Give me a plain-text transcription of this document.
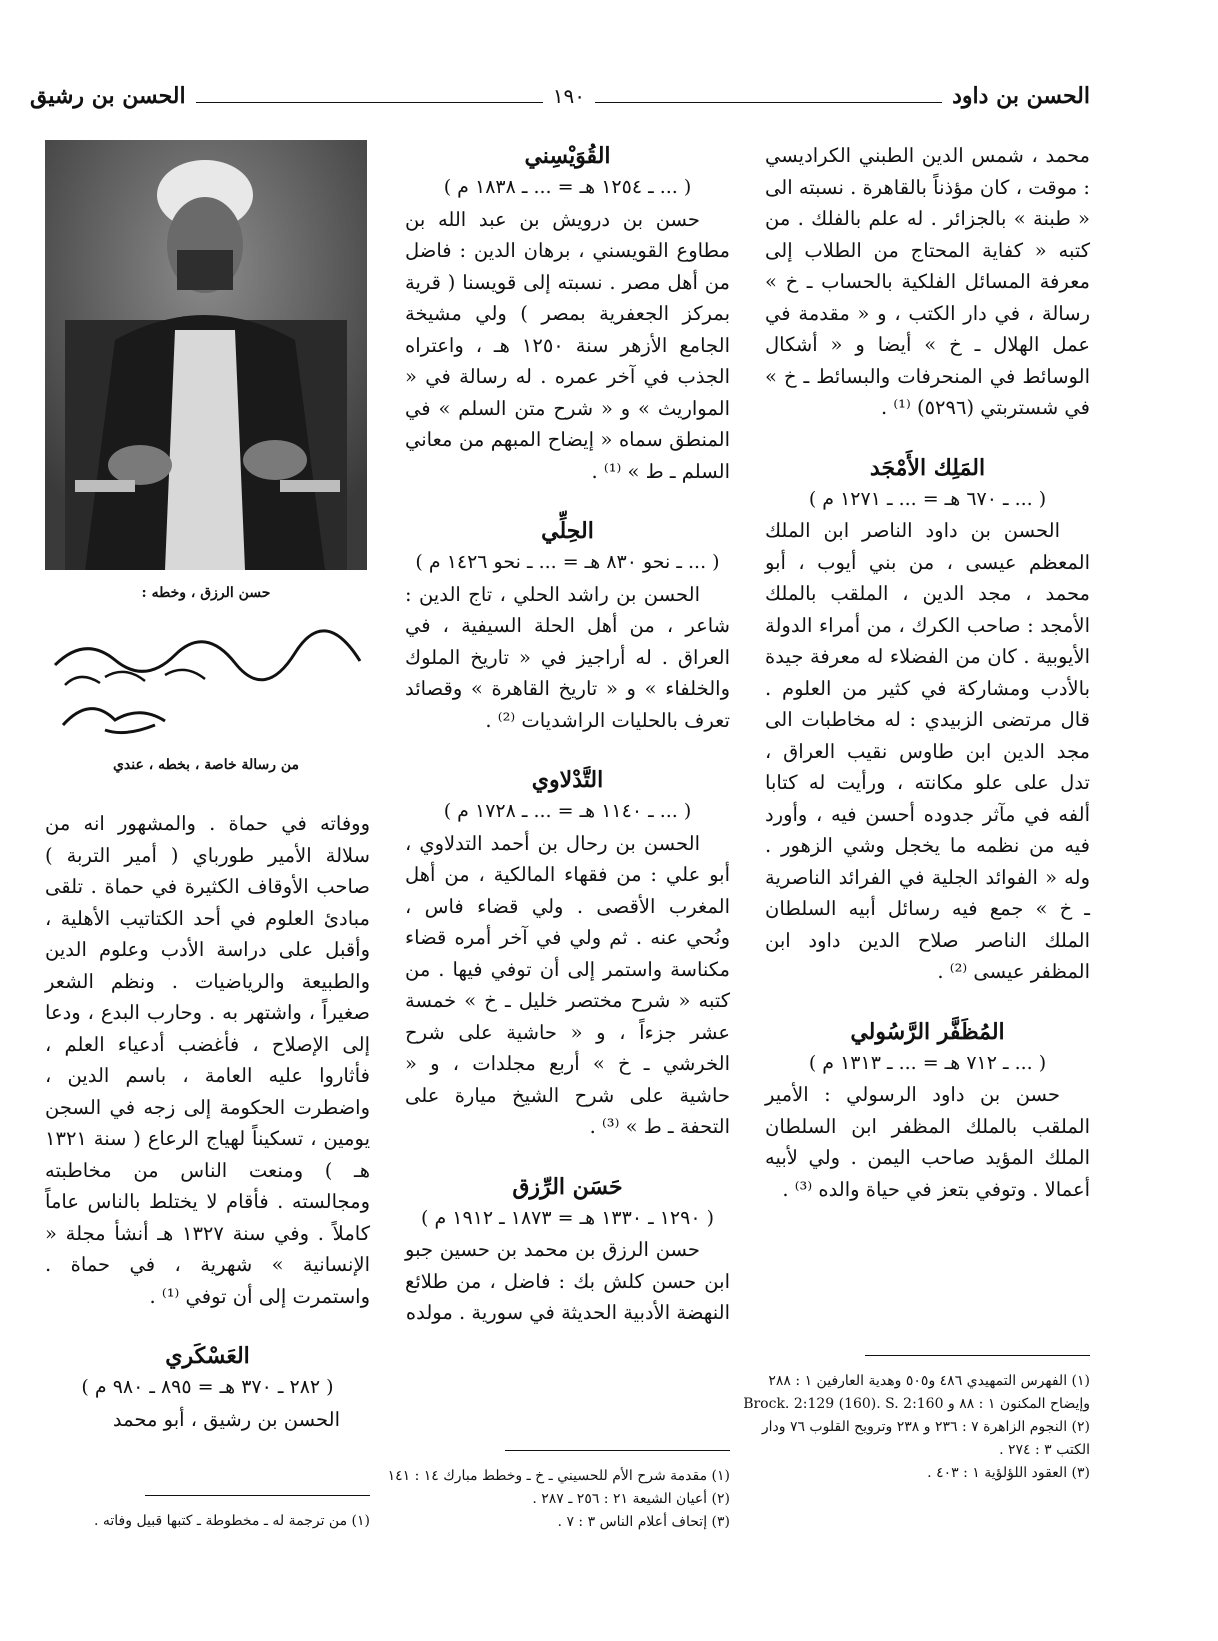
الحسن بن داود
١٩٠
الحسن بن رشيق

محمد ، شمس الدين الطبني الكراديسي : موقت ، كان مؤذناً بالقاهرة . نسبته الى « طبنة » بالجزائر . له علم بالفلك . من كتبه « كفاية المحتاج من الطلاب إلى معرفة المسائل الفلكية بالحساب ـ خ » رسالة ، في دار الكتب ، و « مقدمة في عمل الهلال ـ خ » أيضا و « أشكال الوسائط في المنحرفات والبسائط ـ خ » في شستربتي (٥٢٩٦) ⁽¹⁾ .

المَلِك الأَمْجَد

( ... ـ ٦٧٠ هـ = ... ـ ١٢٧١ م )

الحسن بن داود الناصر ابن الملك المعظم عيسى ، من بني أيوب ، أبو محمد ، مجد الدين ، الملقب بالملك الأمجد : صاحب الكرك ، من أمراء الدولة الأيوبية . كان من الفضلاء له معرفة جيدة بالأدب ومشاركة في كثير من العلوم . قال مرتضى الزبيدي : له مخاطبات الى مجد الدين ابن طاوس نقيب العراق ، تدل على علو مكانته ، ورأيت له كتابا ألفه في مآثر جدوده أحسن فيه ، وأورد فيه من نظمه ما يخجل وشي الزهور . وله « الفوائد الجلية في الفرائد الناصرية ـ خ » جمع فيه رسائل أبيه السلطان الملك الناصر صلاح الدين داود ابن المظفر عيسى ⁽²⁾ .

المُظَفَّر الرَّسُولي

( ... ـ ٧١٢ هـ = ... ـ ١٣١٣ م )

حسن بن داود الرسولي : الأمير الملقب بالملك المظفر ابن السلطان الملك المؤيد صاحب اليمن . ولي لأبيه أعمالا . وتوفي بتعز في حياة والده ⁽³⁾ .

(١) الفهرس التمهيدي ٤٨٦ و٥٠٥ وهدية العارفين ١ : ٢٨٨ وإيضاح المكنون ١ : ٨٨ و Brock. 2:129 (160). S. 2:160

(٢) النجوم الزاهرة ٧ : ٢٣٦ و ٢٣٨ وترويح القلوب ٧٦ ودار الكتب ٣ : ٢٧٤ .

(٣) العقود اللؤلؤية ١ : ٤٠٣ .

القُوَيْسِني

( ... ـ ١٢٥٤ هـ = ... ـ ١٨٣٨ م )

حسن بن درويش بن عبد الله بن مطاوع القويسني ، برهان الدين : فاضل من أهل مصر . نسبته إلى قويسنا ( قرية بمركز الجعفرية بمصر ) ولي مشيخة الجامع الأزهر سنة ١٢٥٠ هـ ، واعتراه الجذب في آخر عمره . له رسالة في « المواريث » و « شرح متن السلم » في المنطق سماه « إيضاح المبهم من معاني السلم ـ ط » ⁽¹⁾ .

الحِلِّي

( ... ـ نحو ٨٣٠ هـ = ... ـ نحو ١٤٢٦ م )

الحسن بن راشد الحلي ، تاج الدين : شاعر ، من أهل الحلة السيفية ، في العراق . له أراجيز في « تاريخ الملوك والخلفاء » و « تاريخ القاهرة » وقصائد تعرف بالحليات الراشديات ⁽²⁾ .

التَّدْلاوي

( ... ـ ١١٤٠ هـ = ... ـ ١٧٢٨ م )

الحسن بن رحال بن أحمد التدلاوي ، أبو علي : من فقهاء المالكية ، من أهل المغرب الأقصى . ولي قضاء فاس ، ونُحي عنه . ثم ولي في آخر أمره قضاء مكناسة واستمر إلى أن توفي فيها . من كتبه « شرح مختصر خليل ـ خ » خمسة عشر جزءاً ، و « حاشية على شرح الخرشي ـ خ » أربع مجلدات ، و « حاشية على شرح الشيخ ميارة على التحفة ـ ط » ⁽³⁾ .

حَسَن الرِّزق

( ١٢٩٠ ـ ١٣٣٠ هـ = ١٨٧٣ ـ ١٩١٢ م )

حسن الرزق بن محمد بن حسين جبو ابن حسن كلش بك : فاضل ، من طلائع النهضة الأدبية الحديثة في سورية . مولده

(١) مقدمة شرح الأم للحسيني ـ خ ـ وخطط مبارك ١٤ : ١٤١

(٢) أعيان الشيعة ٢١ : ٢٥٦ ـ ٢٨٧ .

(٣) إتحاف أعلام الناس ٣ : ٧ .

حسن الرزق ، وخطه :
من رسالة خاصة ، بخطه ، عندي

ووفاته في حماة . والمشهور انه من سلالة الأمير طورباي ( أمير التربة ) صاحب الأوقاف الكثيرة في حماة . تلقى مبادئ العلوم في أحد الكتاتيب الأهلية ، وأقبل على دراسة الأدب وعلوم الدين والطبيعة والرياضيات . ونظم الشعر صغيراً ، واشتهر به . وحارب البدع ، ودعا إلى الإصلاح ، فأغضب أدعياء العلم ، فأثاروا عليه العامة ، باسم الدين ، واضطرت الحكومة إلى زجه في السجن يومين ، تسكيناً لهياج الرعاع ( سنة ١٣٢١ هـ ) ومنعت الناس من مخاطبته ومجالسته . فأقام لا يختلط بالناس عاماً كاملاً . وفي سنة ١٣٢٧ هـ أنشأ مجلة « الإنسانية » شهرية ، في حماة . واستمرت إلى أن توفي ⁽¹⁾ .

العَسْكَري

( ٢٨٢ ـ ٣٧٠ هـ = ٨٩٥ ـ ٩٨٠ م )

الحسن بن رشيق ، أبو محمد

(١) من ترجمة له ـ مخطوطة ـ كتبها قبيل وفاته .
